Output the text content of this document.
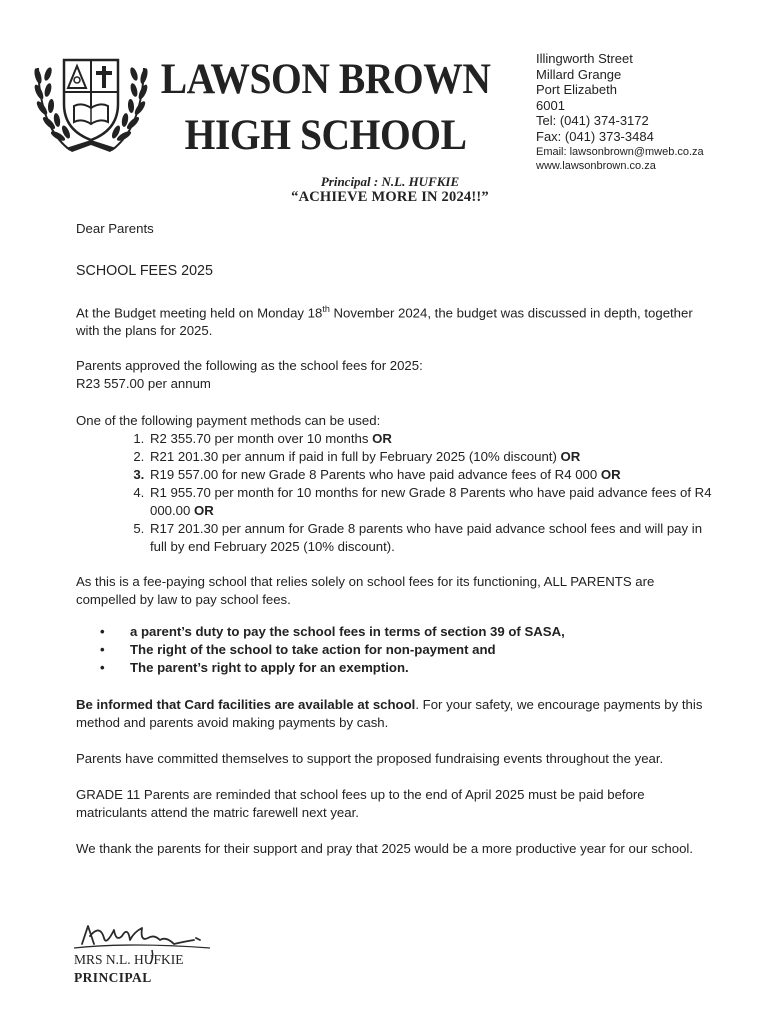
LAWSON BROWN
HIGH SCHOOL
Illingworth Street
Millard Grange
Port Elizabeth
6001
Tel: (041) 374-3172
Fax: (041) 373-3484
Email: lawsonbrown@mweb.co.za
www.lawsonbrown.co.za
Principal : N.L. HUFKIE
“ACHIEVE MORE IN 2024!!”

Dear Parents

SCHOOL FEES 2025

At the Budget meeting held on Monday 18th November 2024, the budget was discussed in depth, together with the plans for 2025.

Parents approved the following as the school fees for 2025:

R23 557.00 per annum

One of the following payment methods can be used:

1. R2 355.70 per month over 10 months OR
2. R21 201.30 per annum if paid in full by February 2025 (10% discount) OR
3. R19 557.00 for new Grade 8 Parents who have paid advance fees of R4 000 OR
4. R1 955.70 per month for 10 months for new Grade 8 Parents who have paid advance fees of R4 000.00 OR
5. R17 201.30 per annum for Grade 8 parents who have paid advance school fees and will pay in full by end February 2025 (10% discount).

As this is a fee-paying school that relies solely on school fees for its functioning, ALL PARENTS are compelled by law to pay school fees.

• a parent’s duty to pay the school fees in terms of section 39 of SASA,
• The right of the school to take action for non-payment and
• The parent’s right to apply for an exemption.

Be informed that Card facilities are available at school. For your safety, we encourage payments by this method and parents avoid making payments by cash.

Parents have committed themselves to support the proposed fundraising events throughout the year.

GRADE 11 Parents are reminded that school fees up to the end of April 2025 must be paid before matriculants attend the matric farewell next year.

We thank the parents for their support and pray that 2025 would be a more productive year for our school.

MRS N.L. HUFKIE
PRINCIPAL
